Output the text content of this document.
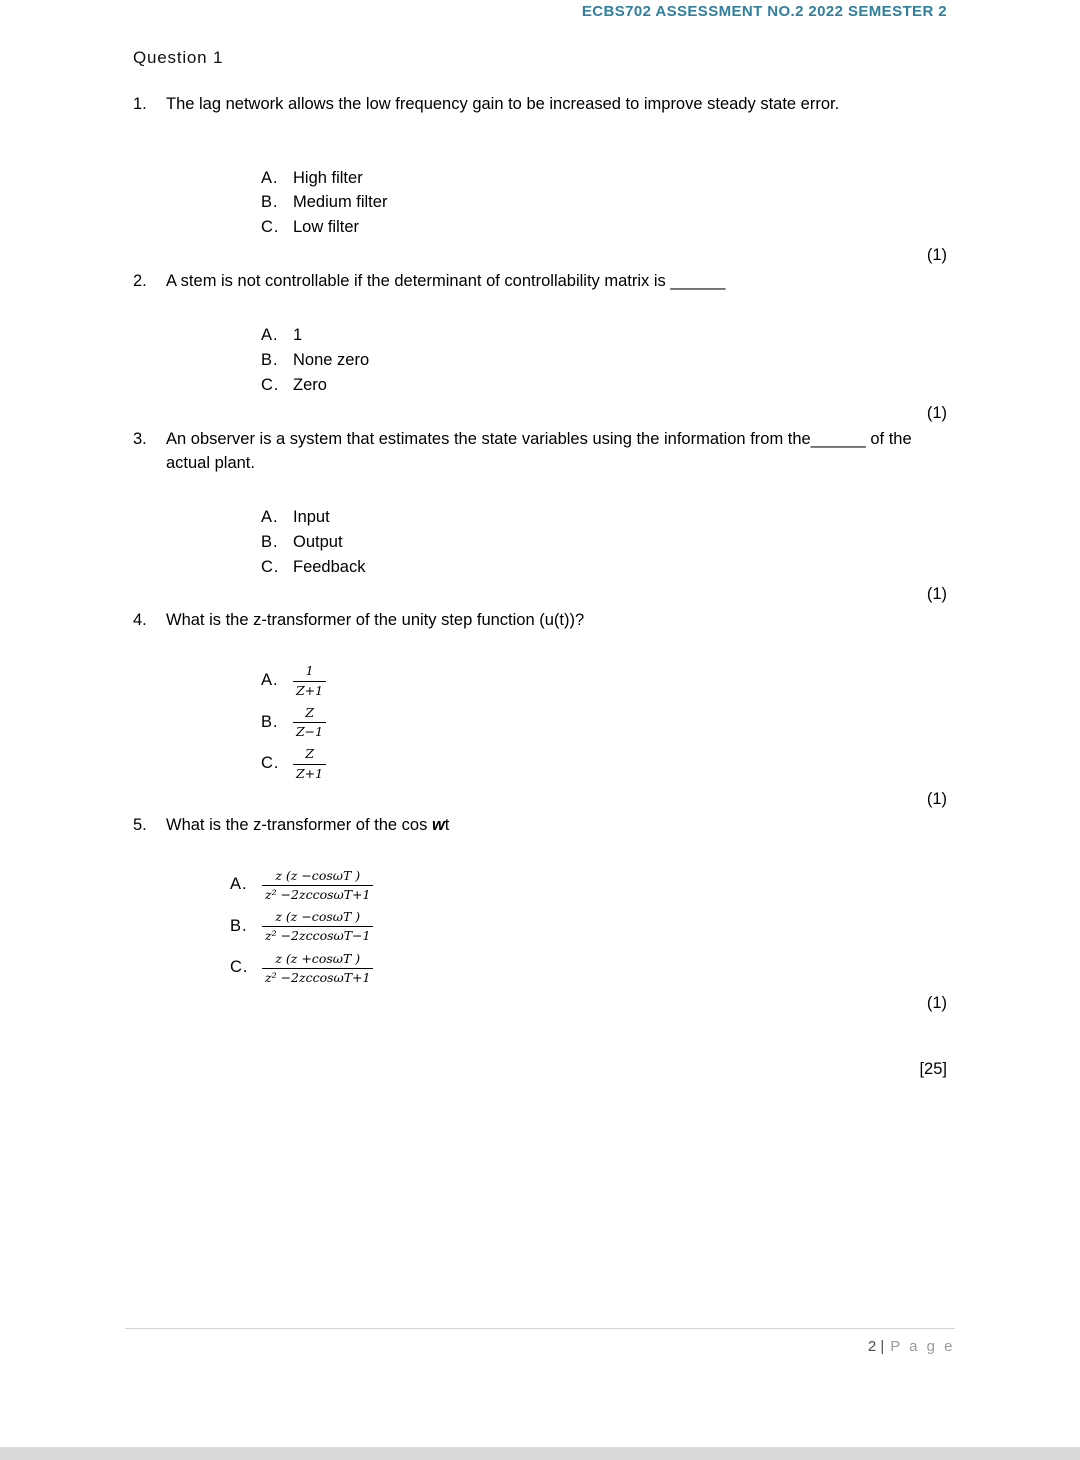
ECBS702 ASSESSMENT NO.2 2022 SEMESTER 2
Question 1
1.	The lag network allows the low frequency gain to be increased to improve steady state error.
A. High filter
B. Medium filter
C. Low filter
(1)
2.	A stem is not controllable if the determinant of controllability matrix is ______
A. 1
B. None zero
C. Zero
(1)
3.	An observer is a system that estimates the state variables using the information from the______ of the actual plant.
A. Input
B. Output
C. Feedback
(1)
4.	What is the z-transformer of the unity step function (u(t))?
A.	$\frac{1}{Z+1}$
B.	$\frac{Z}{Z-1}$
C.	$\frac{Z}{Z+1}$
(1)
5.	What is the z-transformer of the cos wt
A.	$\frac{z (z -\cos\omega T )}{\text{z² −2zccosωT+1}}$
B.	$\frac{z (z -\cos\omega T )}{\text{z² −2zccosωT−1}}$
C.	$\frac{z (z +\cos\omega T )}{\text{z² −2zccosωT+1}}$
(1)
[25]
2 | P a g e
